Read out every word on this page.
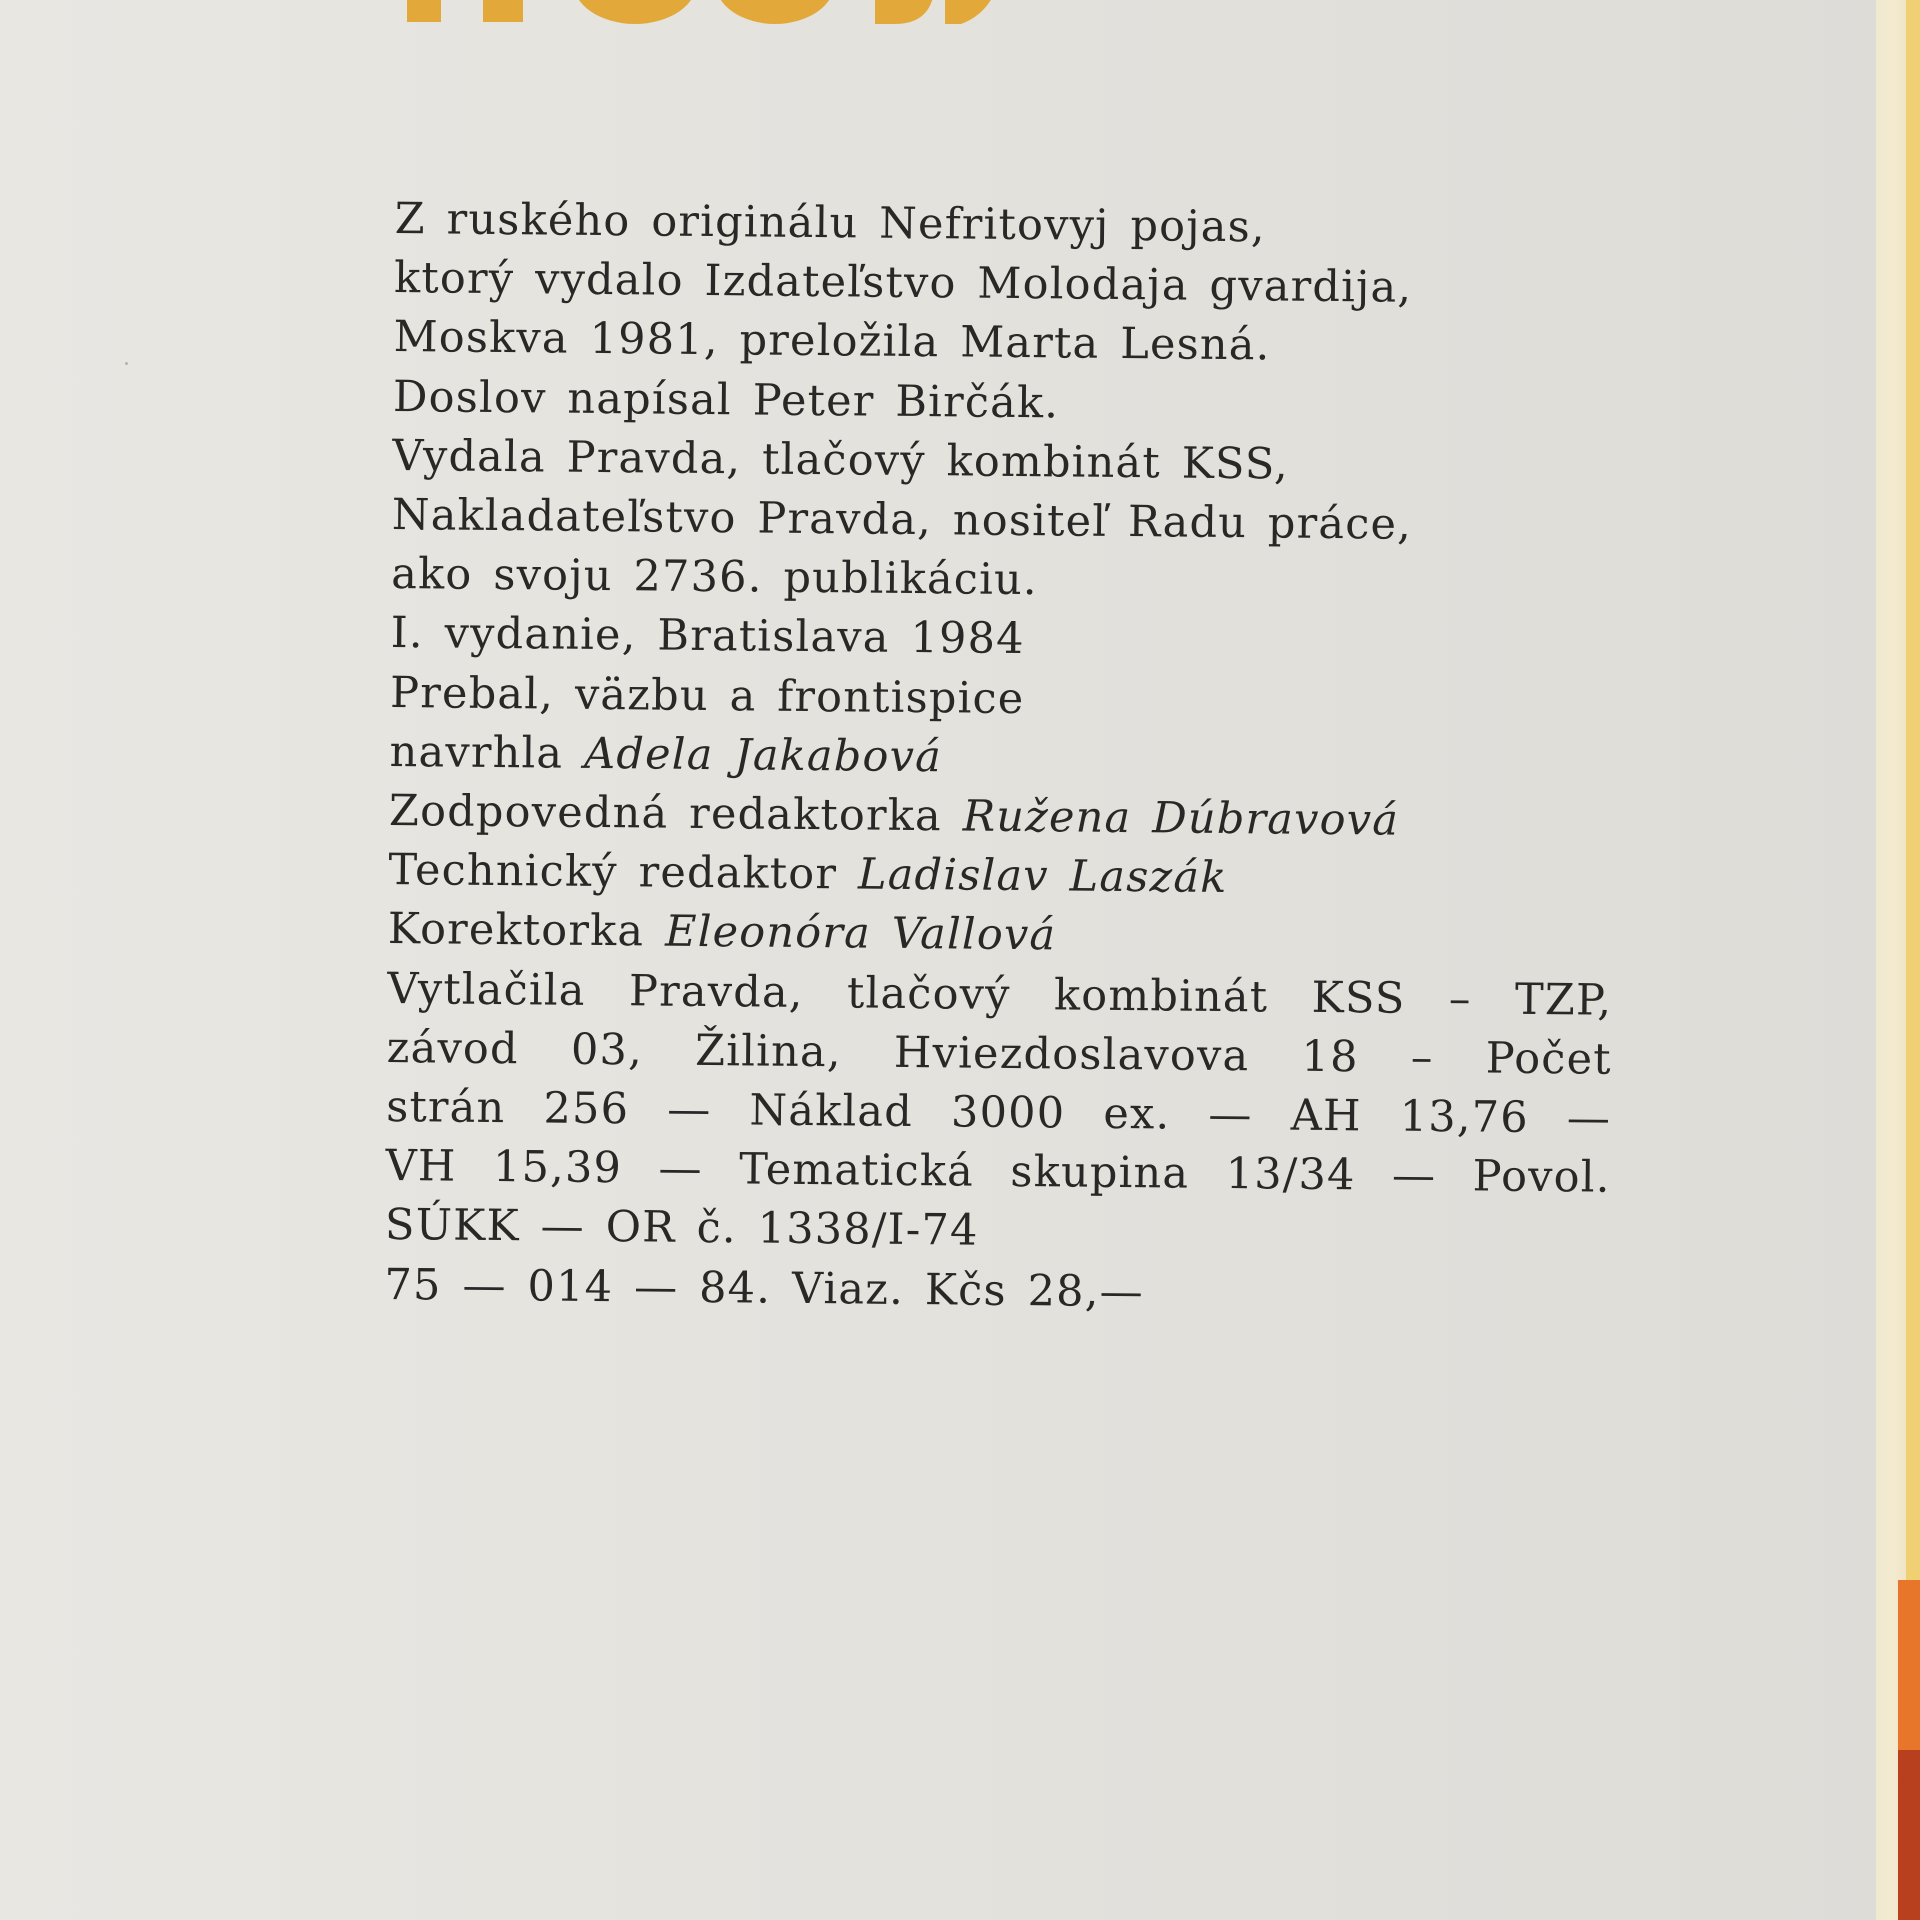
Z ruského originálu Nefritovyj pojas,
ktorý vydalo Izdateľstvo Molodaja gvardija,
Moskva 1981, preložila Marta Lesná.
Doslov napísal Peter Birčák.
Vydala Pravda, tlačový kombinát KSS,
Nakladateľstvo Pravda, nositeľ Radu práce,
ako svoju 2736. publikáciu.
I. vydanie, Bratislava 1984
Prebal, väzbu a frontispice
navrhla Adela Jakabová
Zodpovedná redaktorka Ružena Dúbravová
Technický redaktor Ladislav Laszák
Korektorka Eleonóra Vallová
Vytlačila Pravda, tlačový kombinát KSS – TZP,
závod 03, Žilina, Hviezdoslavova 18 – Počet
strán 256 — Náklad 3000 ex. — AH 13,76 —
VH 15,39 — Tematická skupina 13/34 — Povol.
SÚKK — OR č. 1338/I-74
75 — 014 — 84. Viaz. Kčs 28,—
